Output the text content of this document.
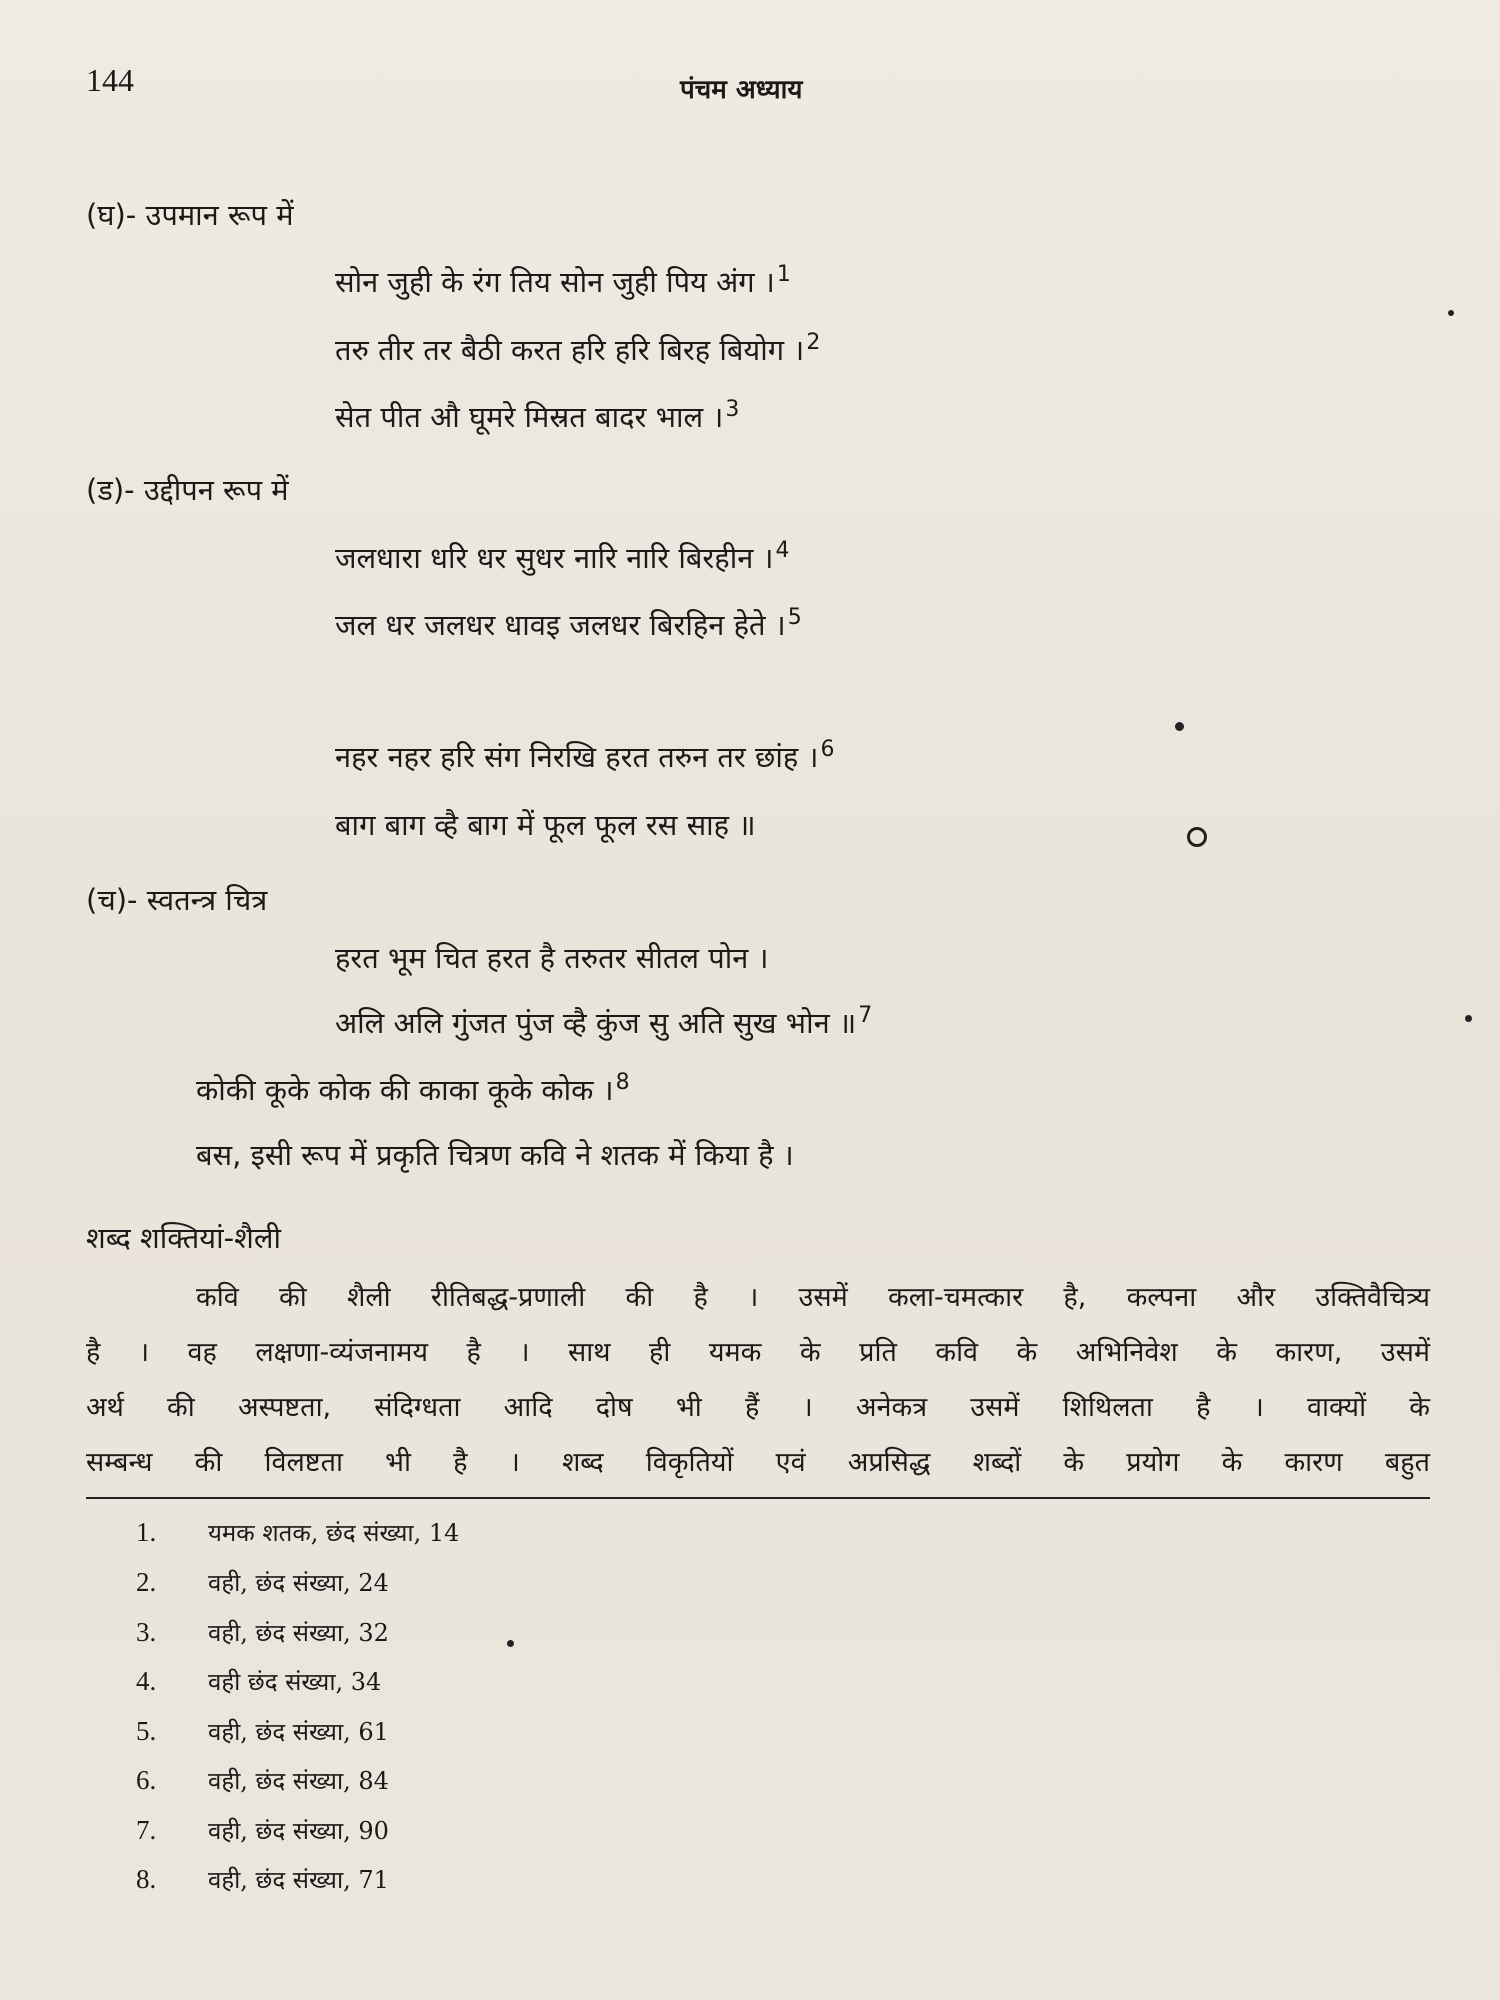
144	पंचम अध्याय
(घ)- उपमान रूप में
सोन जुही के रंग तिय सोन जुही पिय अंग ।$^1$
तरु तीर तर बैठी करत हरि हरि बिरह बियोग ।$^2$
सेत पीत औ घूमरे मिस्रत बादर भाल ।$^3$
(ड)- उद्दीपन रूप में
जलधारा धरि धर सुधर नारि नारि बिरहीन ।$^4$
जल धर जलधर धावइ जलधर बिरहिन हेते ।$^5$
नहर नहर हरि संग निरखि हरत तरुन तर छांह ।$^6$
बाग बाग व्है बाग में फूल फूल रस साह ॥
(च)- स्वतन्त्र चित्र
हरत भूम चित हरत है तरुतर सीतल पोन ।
अलि अलि गुंजत पुंज व्है कुंज सु अति सुख भोन ॥$^7$
कोकी कूके कोक की काका कूके कोक ।$^8$
बस, इसी रूप में प्रकृति चित्रण कवि ने शतक में किया है ।
शब्द शक्तियां-शैली
कवि की शैली रीतिबद्ध-प्रणाली की है । उसमें कला-चमत्कार है, कल्पना और उक्तिवैचित्र्य
है । वह लक्षणा-व्यंजनामय है । साथ ही यमक के प्रति कवि के अभिनिवेश के कारण, उसमें
अर्थ की अस्पष्टता, संदिग्धता आदि दोष भी हैं । अनेकत्र उसमें शिथिलता है । वाक्यों के
सम्बन्ध की विलष्टता भी है । शब्द विकृतियों एवं अप्रसिद्ध शब्दों के प्रयोग के कारण बहुत
1. यमक शतक, छंद संख्या, 14
2. वही, छंद संख्या, 24
3. वही, छंद संख्या, 32
4. वही छंद संख्या, 34
5. वही, छंद संख्या, 61
6. वही, छंद संख्या, 84
7. वही, छंद संख्या, 90
8. वही, छंद संख्या, 71
